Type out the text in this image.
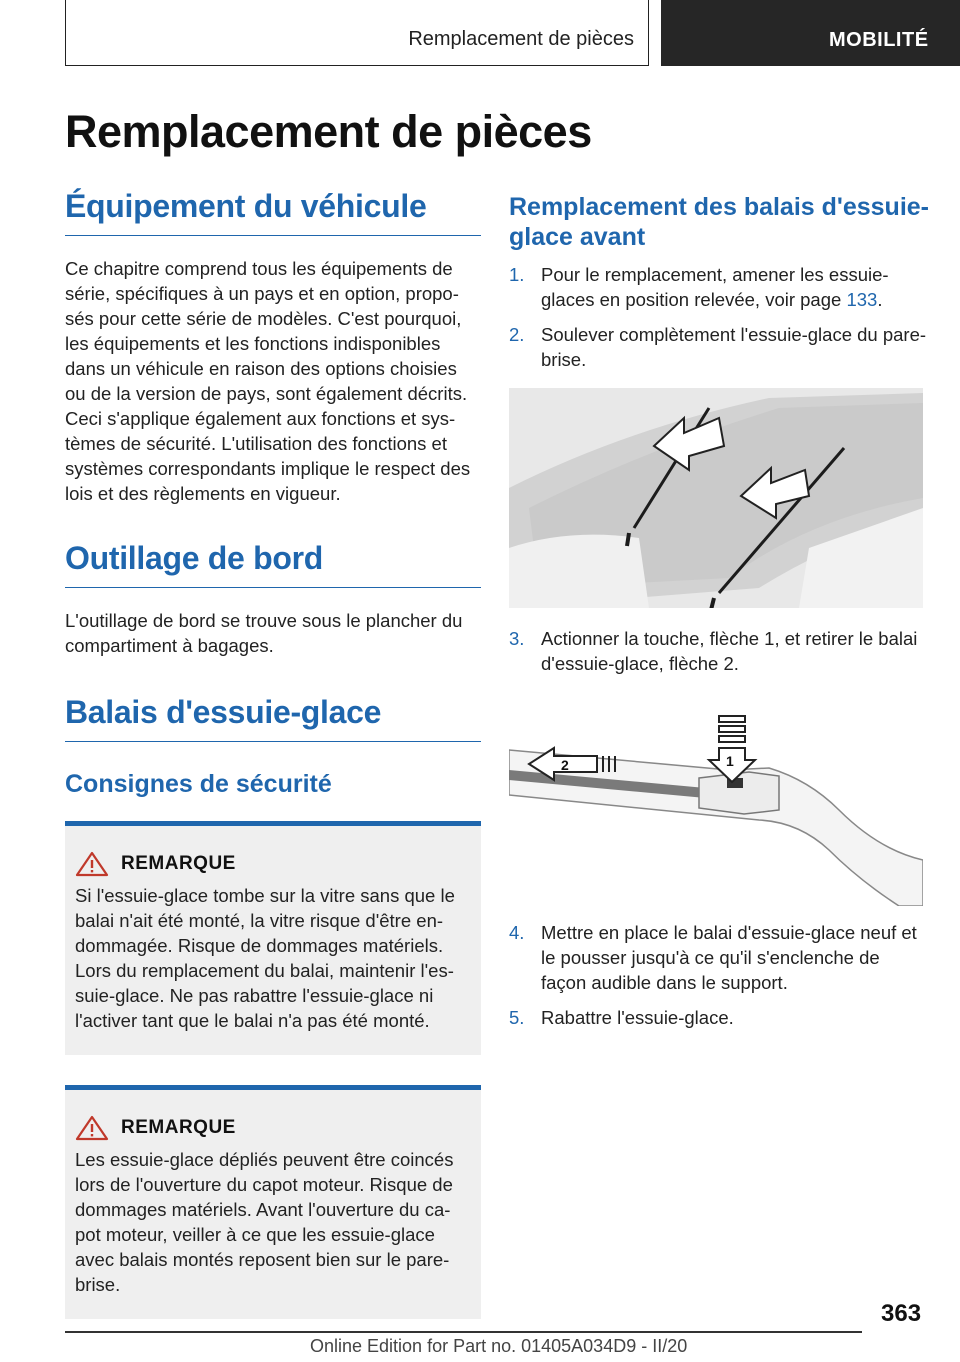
Remplacement de pièces	MOBILITÉ
Remplacement de pièces
Équipement du véhicule

Ce chapitre comprend tous les équipements de série, spécifiques à un pays et en option, propo-sés pour cette série de modèles. C'est pourquoi, les équipements et les fonctions indisponibles dans un véhicule en raison des options choisies ou de la version de pays, sont également décrits. Ceci s'applique également aux fonctions et sys-tèmes de sécurité. L'utilisation des fonctions et systèmes correspondants implique le respect des lois et des règlements en vigueur.

Outillage de bord

L'outillage de bord se trouve sous le plancher du compartiment à bagages.

Balais d'essuie-glace
Consignes de sécurité
REMARQUE

Si l'essuie-glace tombe sur la vitre sans que le balai n'ait été monté, la vitre risque d'être en-dommagée. Risque de dommages matériels. Lors du remplacement du balai, maintenir l'es-suie-glace. Ne pas rabattre l'essuie-glace ni l'activer tant que le balai n'a pas été monté.

REMARQUE

Les essuie-glace dépliés peuvent être coincés lors de l'ouverture du capot moteur. Risque de dommages matériels. Avant l'ouverture du ca-pot moteur, veiller à ce que les essuie-glace avec balais montés reposent bien sur le pare-brise.

Remplacement des balais d'essuie-glace avant
1. Pour le remplacement, amener les essuie-glaces en position relevée, voir page 133.
2. Soulever complètement l'essuie-glace du pare-brise.
3. Actionner la touche, flèche 1, et retirer le balai d'essuie-glace, flèche 2.
1
2
4. Mettre en place le balai d'essuie-glace neuf et le pousser jusqu'à ce qu'il s'enclenche de façon audible dans le support.
5. Rabattre l'essuie-glace.
363
Online Edition for Part no. 01405A034D9 - II/20
